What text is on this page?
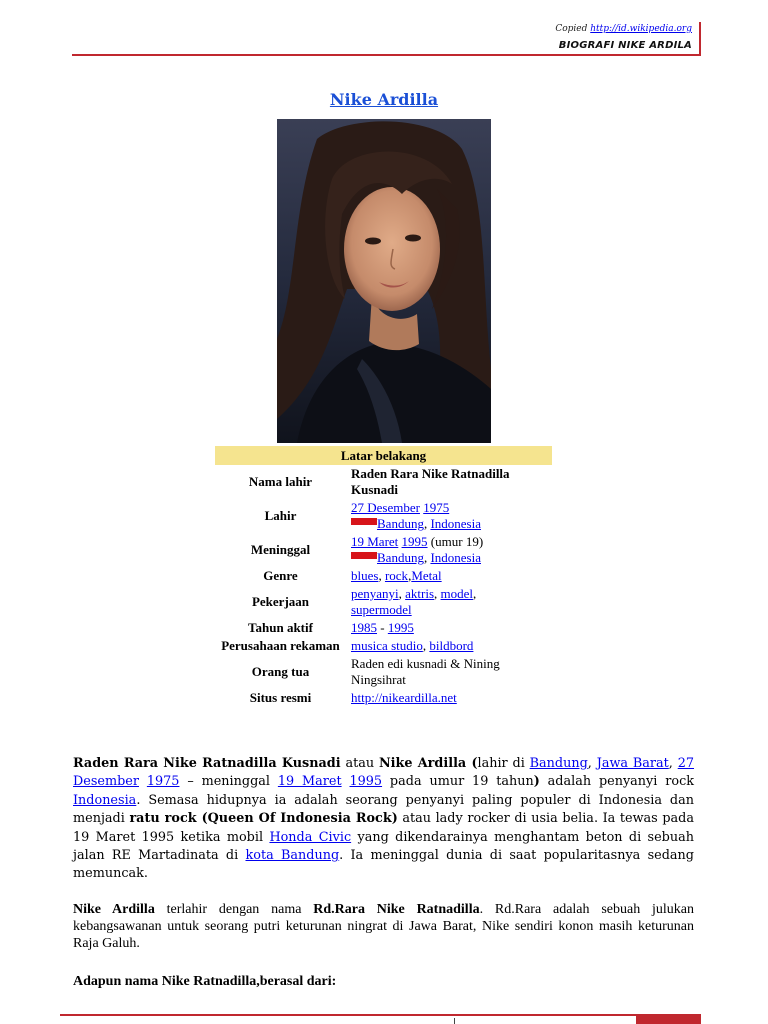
Copied http://id.wikipedia.org
BIOGRAFI NIKE ARDILA
Nike Ardilla
Latar belakang	
Nama lahir	Raden Rara Nike Ratnadilla Kusnadi
Lahir	27 Desember 1975
Bandung, Indonesia

Meninggal	19 Maret 1995 (umur 19)
Bandung, Indonesia

Genre	blues, rock,Metal
Pekerjaan	penyanyi, aktris, model,
supermodel
Tahun aktif	1985 - 1995
Perusahaan rekaman	musica studio, bildbord
Orang tua	Raden edi kusnadi & Nining Ningsihrat
Situs resmi	http://nikeardilla.net
Raden Rara Nike Ratnadilla Kusnadi atau Nike Ardilla (lahir di Bandung, Jawa Barat, 27 Desember 1975 – meninggal 19 Maret 1995 pada umur 19 tahun) adalah penyanyi rock Indonesia. Semasa hidupnya ia adalah seorang penyanyi paling populer di Indonesia dan menjadi ratu rock (Queen Of Indonesia Rock) atau lady rocker di usia belia. Ia tewas pada 19 Maret 1995 ketika mobil Honda Civic yang dikendarainya menghantam beton di sebuah jalan RE Martadinata di kota Bandung. Ia meninggal dunia di saat popularitasnya sedang memuncak.
Nike Ardilla terlahir dengan nama Rd.Rara Nike Ratnadilla. Rd.Rara adalah sebuah julukan kebangsawanan untuk seorang putri keturunan ningrat di Jawa Barat, Nike sendiri konon masih keturunan Raja Galuh.
Adapun nama Nike Ratnadilla,berasal dari:
